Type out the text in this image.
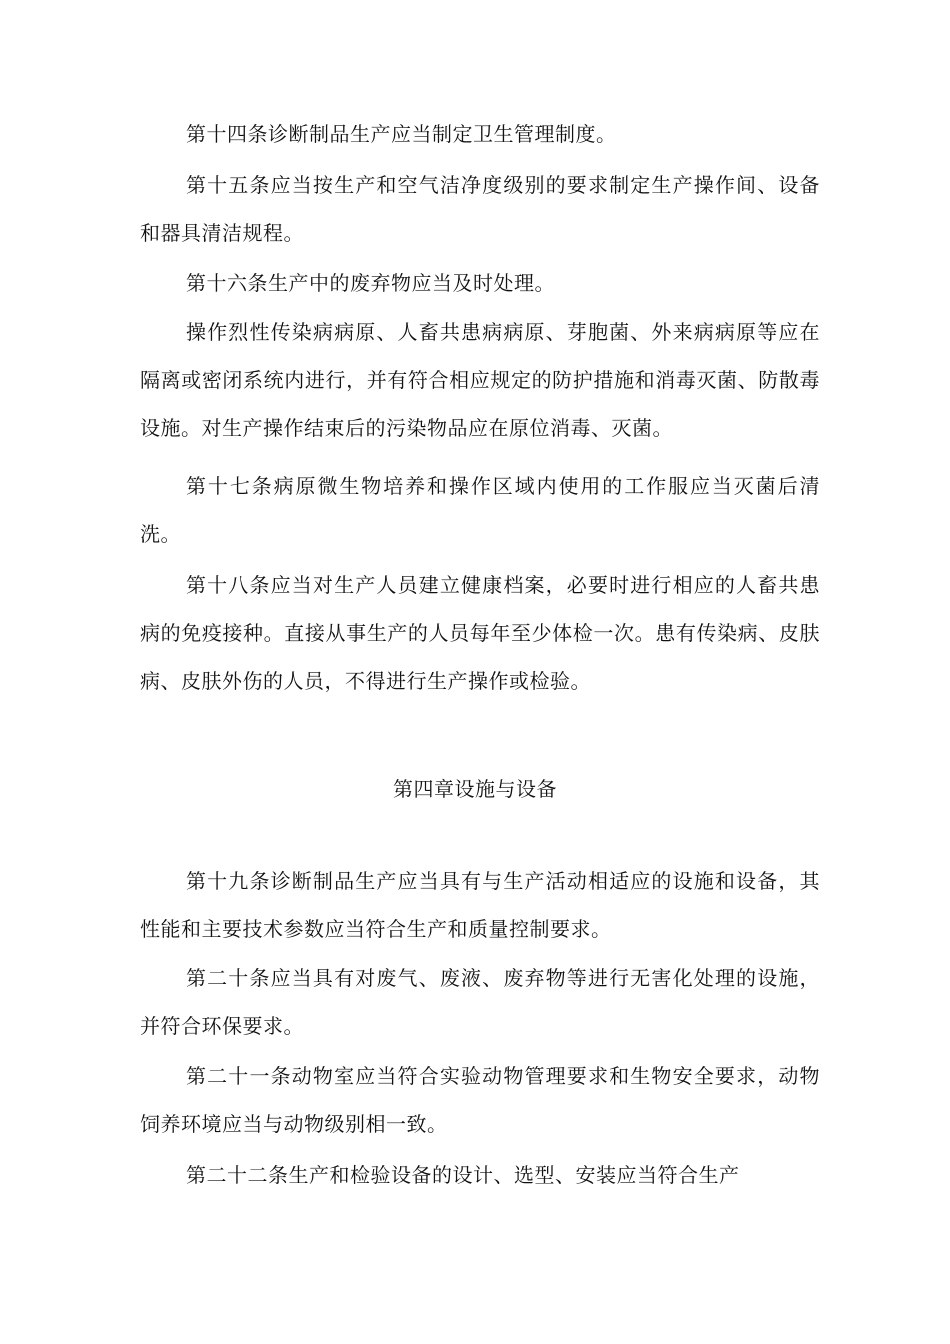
第十四条诊断制品生产应当制定卫生管理制度。

第十五条应当按生产和空气洁净度级别的要求制定生产操作间、设备和器具清洁规程。

第十六条生产中的废弃物应当及时处理。

操作烈性传染病病原、人畜共患病病原、芽胞菌、外来病病原等应在隔离或密闭系统内进行，并有符合相应规定的防护措施和消毒灭菌、防散毒设施。对生产操作结束后的污染物品应在原位消毒、灭菌。

第十七条病原微生物培养和操作区域内使用的工作服应当灭菌后清洗。

第十八条应当对生产人员建立健康档案，必要时进行相应的人畜共患病的免疫接种。直接从事生产的人员每年至少体检一次。患有传染病、皮肤病、皮肤外伤的人员，不得进行生产操作或检验。

第四章设施与设备

第十九条诊断制品生产应当具有与生产活动相适应的设施和设备，其性能和主要技术参数应当符合生产和质量控制要求。

第二十条应当具有对废气、废液、废弃物等进行无害化处理的设施，并符合环保要求。

第二十一条动物室应当符合实验动物管理要求和生物安全要求，动物饲养环境应当与动物级别相一致。

第二十二条生产和检验设备的设计、选型、安装应当符合生产
